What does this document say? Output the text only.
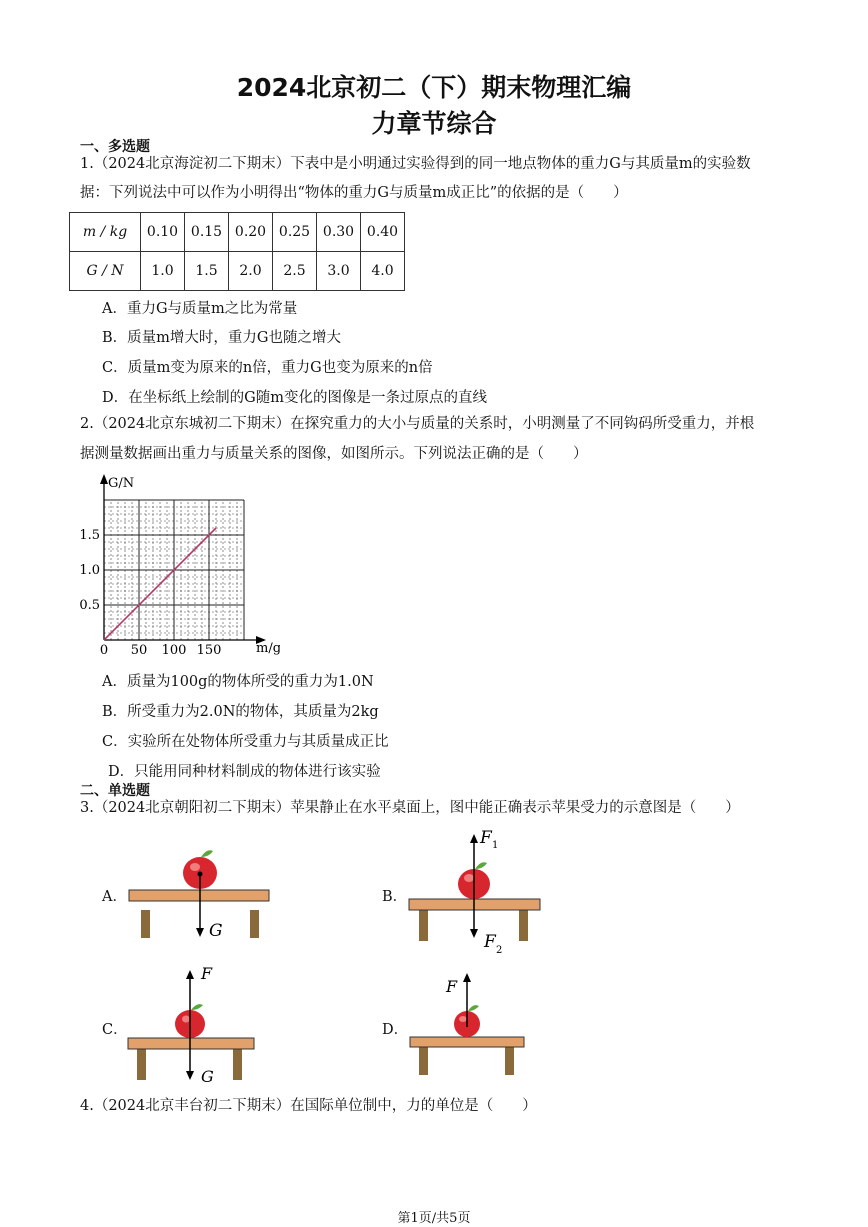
2024北京初二（下）期末物理汇编
力章节综合
一、多选题
1.（2024北京海淀初二下期末）下表中是小明通过实验得到的同一地点物体的重力G与其质量m的实验数
据：下列说法中可以作为小明得出“物体的重力G与质量m成正比”的依据的是（　　）
m / kg	0.10	0.15	0.20	0.25	0.30	0.40
G / N	1.0	1.5	2.0	2.5	3.0	4.0
A．重力G与质量m之比为常量
B．质量m增大时，重力G也随之增大
C．质量m变为原来的n倍，重力G也变为原来的n倍
D．在坐标纸上绘制的G随m变化的图像是一条过原点的直线
2.（2024北京东城初二下期末）在探究重力的大小与质量的关系时，小明测量了不同钩码所受重力，并根
据测量数据画出重力与质量关系的图像，如图所示。下列说法正确的是（　　）
0 50 100 150
0.5
1.0
1.5
G/N
m/g
A．质量为100g的物体所受的重力为1.0N
B．所受重力为2.0N的物体，其质量为2kg
C．实验所在处物体所受重力与其质量成正比
D．只能用同种材料制成的物体进行该实验
二、单选题
3.（2024北京朝阳初二下期末）苹果静止在水平桌面上，图中能正确表示苹果受力的示意图是（　　）
A．
G
B．
F 1
F 2
C．
F
G
D．
F
4.（2024北京丰台初二下期末）在国际单位制中，力的单位是（　　）
第1页/共5页
